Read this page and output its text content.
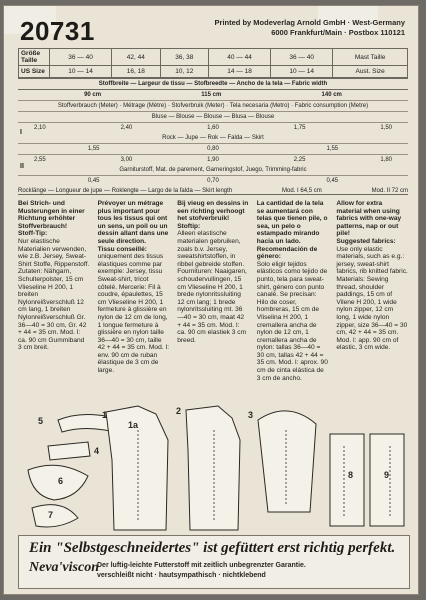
20731	Printed by Modeverlag Arnold GmbH · West-Germany
6000 Frankfurt/Main · Postbox 110121
Größe Taille	36 — 40	42, 44	36, 38	40 — 44	36 — 40	Mast Taille
US Size	10 — 14	16, 18	10, 12	14 — 18	10 — 14	Aust. Size
Stoffbreite — Largeur de tissu — Stofbreedte — Ancho de la tela — Fabric width
90 cm	115 cm	140 cm
Stoffverbrauch (Meter) · Métrage (Mètre) · Stofverbruik (Meter) · Tela necesaria (Metro) · Fabric consumption (Metre)
Bluse — Blouse — Blouse — Blusa — Blouse
I
2,10	2,40	1,60	1,75	1,50
Rock — Jupe — Rok — Falda — Skirt
1,55	0,80	1,55
II
2,55	3,00	1,90	2,25	1,80
Garniturstoff, Mat. de parement, Garneringstof, Juego, Trimming-fabric
0,45	0,70	0,45
Rocklänge — Longueur de jupe — Roklengte — Largo de la falda — Skirt length	Mod. I 64,5 cm	Mod. II 72 cm
Bei Strich- und Musterungen in einer Richtung erhöhter Stoffverbrauch!
Stoff-Tip:
Nur elastische Materialien verwenden, wie z.B. Jersey, Sweat-Shirt Stoffe, Rippenstoff. Zutaten: Nähgarn, Schulterpolster, 15 cm Vlieseline H 200, 1 breiten Nylonreißverschluß 12 cm lang, 1 breiten Nylonreißverschluß Gr. 36—40 = 30 cm, Gr. 42 + 44 = 35 cm. Mod. I: ca. 90 cm Gummiband 3 cm breit.
Prévoyer un métrage plus important pour tous les tissus qui ont un sens, un poil ou un dessin allant dans une seule direction.
Tissu conseillé:
uniquement des tissus élastiques comme par exemple: Jersey, tissu Sweat-shirt, tricot côtelé. Mercerie: Fil à coudre, épaulettes, 15 cm Vlieseline H 200, 1 fermeture à glissière en nylon de 12 cm de long, 1 longue fermeture à glissière en nylon taille 36—40 = 30 cm, taille 42 + 44 = 35 cm. Mod. I: env. 90 cm de ruban élastique de 3 cm de large.
Bij vieug en dessins in een richting verhoogt het stofverbruik!
Stoftip:
Alleen elastische materialen gebruiken, zoals b.v. Jersey, sweatshirtstoffen, in ribbel gebreide stoffen. Fournituren: Naaigaren, schoudervullingen, 15 cm Vlieseline H 200, 1 brede nylonritssluiting 12 cm lang; 1 brede nylonritssluiting mt. 36—40 = 30 cm, maat 42 + 44 = 35 cm. Mod. I: ca. 90 cm elastiek 3 cm breed.
La cantidad de la tela se aumentará con telas que tienen pile, o sea, un pelo o estampado mirando hacia un lado.
Recomendación de género:
Solo eligir tejidos elásticos como tejido de punto, tela para sweat-shirt, género con punto canalé. Se precisan: Hilo de coser, hombreras, 15 cm de Vliselina H 200, 1 cremallera ancha de nylon de 12 cm, 1 cremallera ancha de nylon: tallas 36—40 = 30 cm, tallas 42 + 44 = 35 cm. Mod. I: aprox. 90 cm de cinta elástica de 3 cm de ancho.
Allow for extra material when using fabrics with one-way patterns, nap or out pile!
Suggested fabrics:
Use only elastic materials, such as e.g.: jersey, sweat-shirt fabrics, rib knitted fabric. Materials: Sewing thread, shoulder paddings, 15 cm of Vilene H 200, 1 wide nylon zipper, 12 cm long, 1 wide nylon zipper, size 36—40 = 30 cm, 42 + 44 = 35 cm. Mod. I: app. 90 cm of elastic, 3 cm wide.
1
1a
2	3
4
5
6
7
8	9
Ein "Selbstgeschneidertes" ist gefüttert erst richtig perfekt.
Neva'viscon
Der luftig-leichte Futterstoff mit zeitlich unbegrenzter Garantie.
verschleißt nicht · hautsympathisch · nichtklebend
